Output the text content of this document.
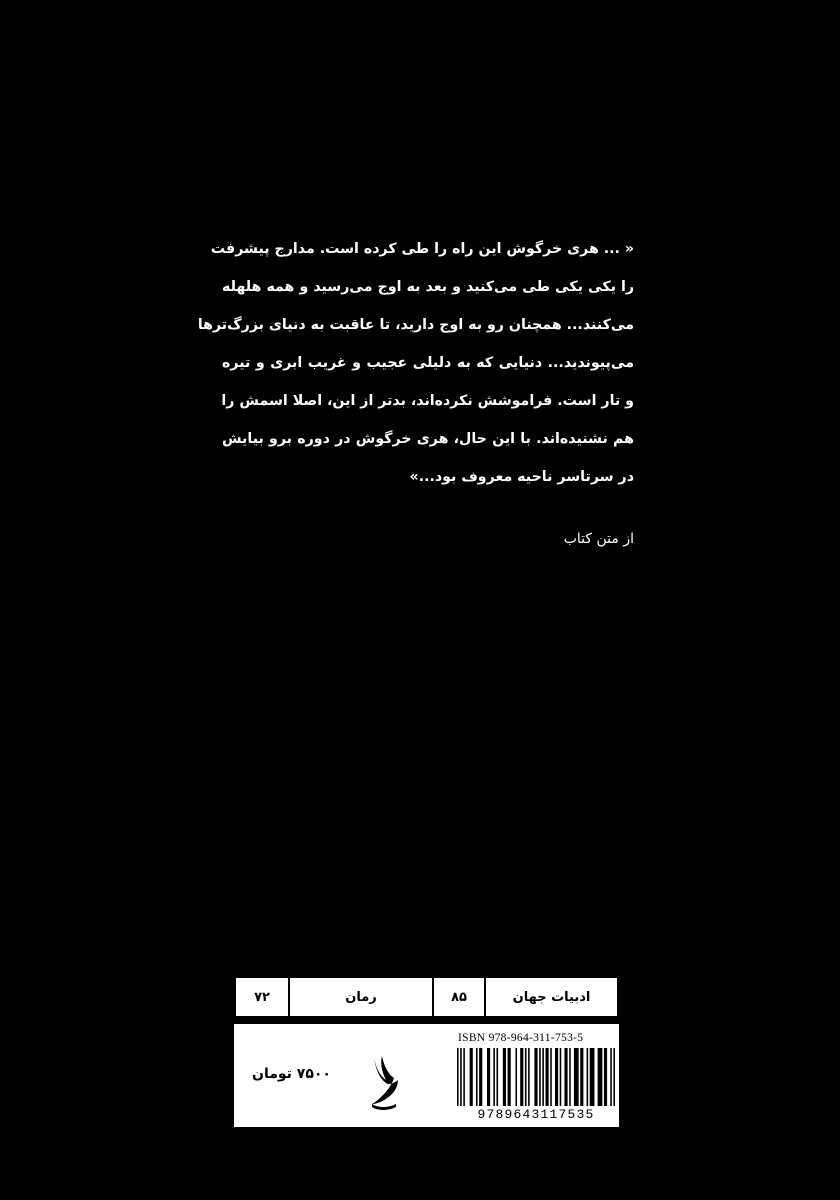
« ... هری خرگوش این راه را طی کرده است. مدارج پیشرفت
را یکی یکی طی می‌کنید و بعد به اوج می‌رسید و همه هلهله
می‌کنند... همچنان رو به اوج دارید، تا عاقبت به دنیای بزرگ‌ترها
می‌پیوندید... دنیایی که به دلیلی عجیب و غریب ابری و تیره
و تار است. فراموشش نکرده‌اند، بدتر از این، اصلا اسمش را
هم نشنیده‌اند. با این حال، هری خرگوش در دوره برو بیایش
در سرتاسر ناحیه معروف بود...»
از متن کتاب
ادبیات جهان
۸۵
رمان
۷۲
ISBN 978-964-311-753-5
9789643117535
۷۵۰۰ تومان
